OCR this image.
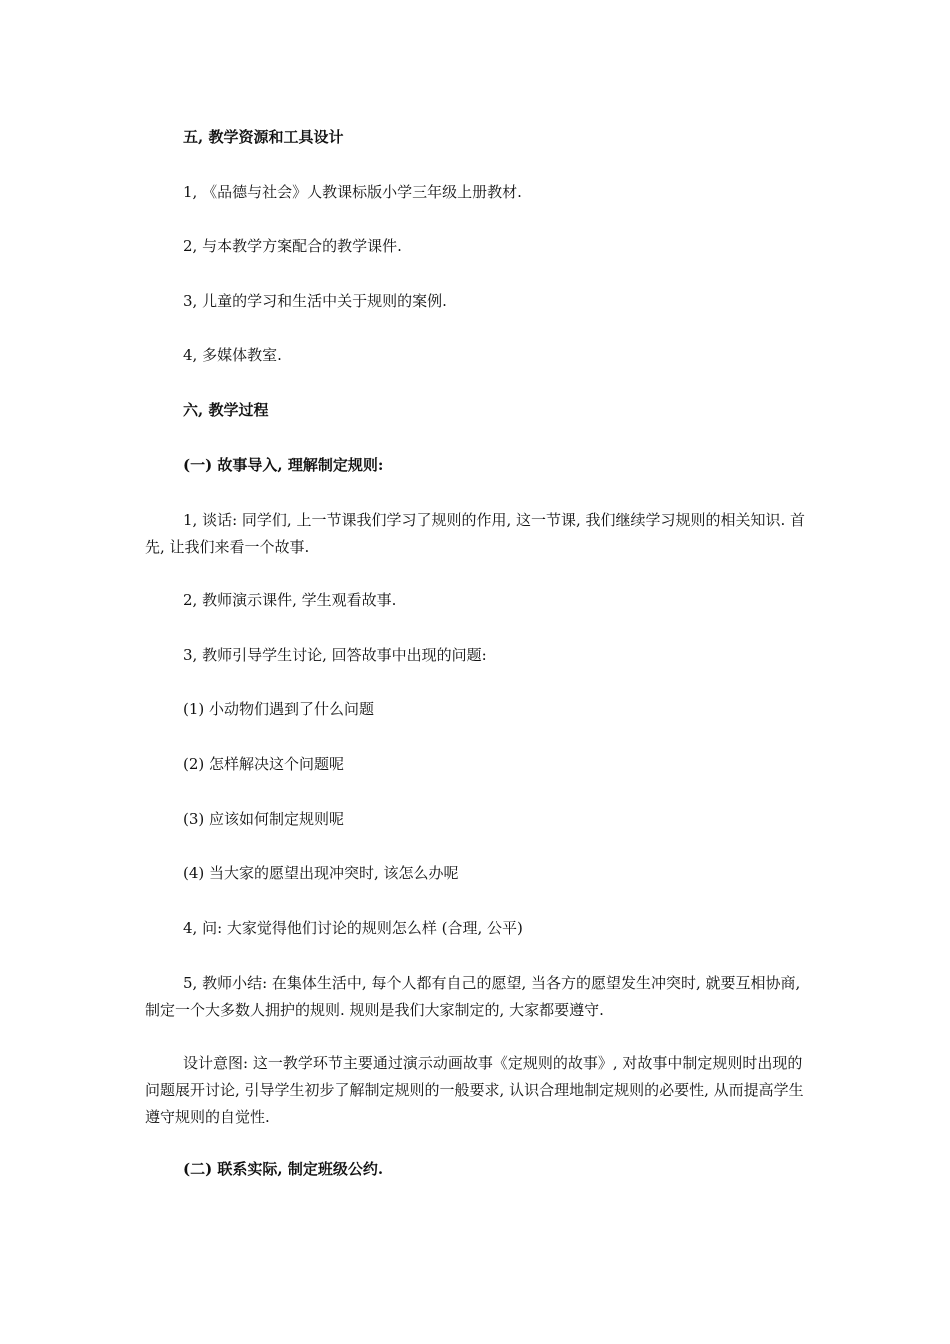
五, 教学资源和工具设计

1, 《品德与社会》人教课标版小学三年级上册教材.

2, 与本教学方案配合的教学课件.

3, 儿童的学习和生活中关于规则的案例.

4, 多媒体教室.

六, 教学过程

(一) 故事导入, 理解制定规则:

1, 谈话: 同学们, 上一节课我们学习了规则的作用, 这一节课, 我们继续学习规则的相关知识. 首先, 让我们来看一个故事.

2, 教师演示课件, 学生观看故事.

3, 教师引导学生讨论, 回答故事中出现的问题:

(1) 小动物们遇到了什么问题

(2) 怎样解决这个问题呢

(3) 应该如何制定规则呢

(4) 当大家的愿望出现冲突时, 该怎么办呢

4, 问: 大家觉得他们讨论的规则怎么样 (合理, 公平)

5, 教师小结: 在集体生活中, 每个人都有自己的愿望, 当各方的愿望发生冲突时, 就要互相协商, 制定一个大多数人拥护的规则. 规则是我们大家制定的, 大家都要遵守.

设计意图: 这一教学环节主要通过演示动画故事《定规则的故事》, 对故事中制定规则时出现的问题展开讨论, 引导学生初步了解制定规则的一般要求, 认识合理地制定规则的必要性, 从而提高学生遵守规则的自觉性.

(二) 联系实际, 制定班级公约.
